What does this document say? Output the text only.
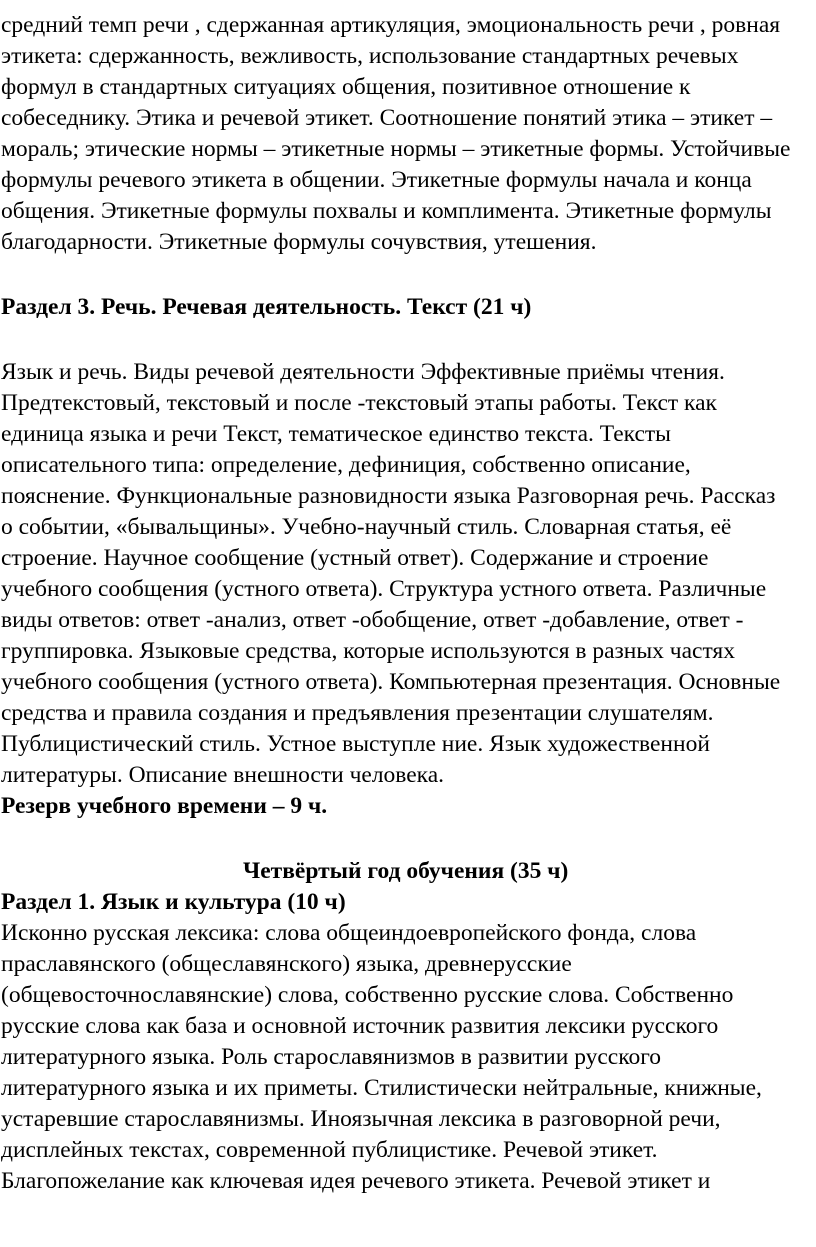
средний темп речи , сдержанная артикуляция, эмоциональность речи , ровная
этикета: сдержанность, вежливость, использование стандартных речевых
формул в стандартных ситуациях общения, позитивное отношение к
собеседнику. Этика и речевой этикет. Соотношение понятий этика – этикет –
мораль; этические нормы – этикетные нормы – этикетные формы. Устойчивые
формулы речевого этикета в общении. Этикетные формулы начала и конца
общения. Этикетные формулы похвалы и комплимента. Этикетные формулы
благодарности. Этикетные формулы сочувствия, утешения.
Раздел 3. Речь. Речевая деятельность. Текст (21 ч)
Язык и речь. Виды речевой деятельности Эффективные приёмы чтения.
Предтекстовый, текстовый и после -текстовый этапы работы. Текст как
единица языка и речи Текст, тематическое единство текста. Тексты
описательного типа: определение, дефиниция, собственно описание,
пояснение. Функциональные разновидности языка Разговорная речь. Рассказ
о событии, «бывальщины». Учебно-научный стиль. Словарная статья, её
строение. Научное сообщение (устный ответ). Содержание и строение
учебного сообщения (устного ответа). Структура устного ответа. Различные
виды ответов: ответ -анализ, ответ -обобщение, ответ -добавление, ответ -
группировка. Языковые средства, которые используются в разных частях
учебного сообщения (устного ответа). Компьютерная презентация. Основные
средства и правила создания и предъявления презентации слушателям.
Публицистический стиль. Устное выступле ние. Язык художественной
литературы. Описание внешности человека.
Резерв учебного времени – 9 ч.
Четвёртый год обучения (35 ч)
Раздел 1. Язык и культура (10 ч)
Исконно русская лексика: слова общеиндоевропейского фонда, слова
праславянского (общеславянского) языка, древнерусские
(общевосточнославянские) слова, собственно русские слова. Собственно
русские слова как база и основной источник развития лексики русского
литературного языка. Роль старославянизмов в развитии русского
литературного языка и их приметы. Стилистически нейтральные, книжные,
устаревшие старославянизмы. Иноязычная лексика в разговорной речи,
дисплейных текстах, современной публицистике. Речевой этикет.
Благопожелание как ключевая идея речевого этикета. Речевой этикет и
